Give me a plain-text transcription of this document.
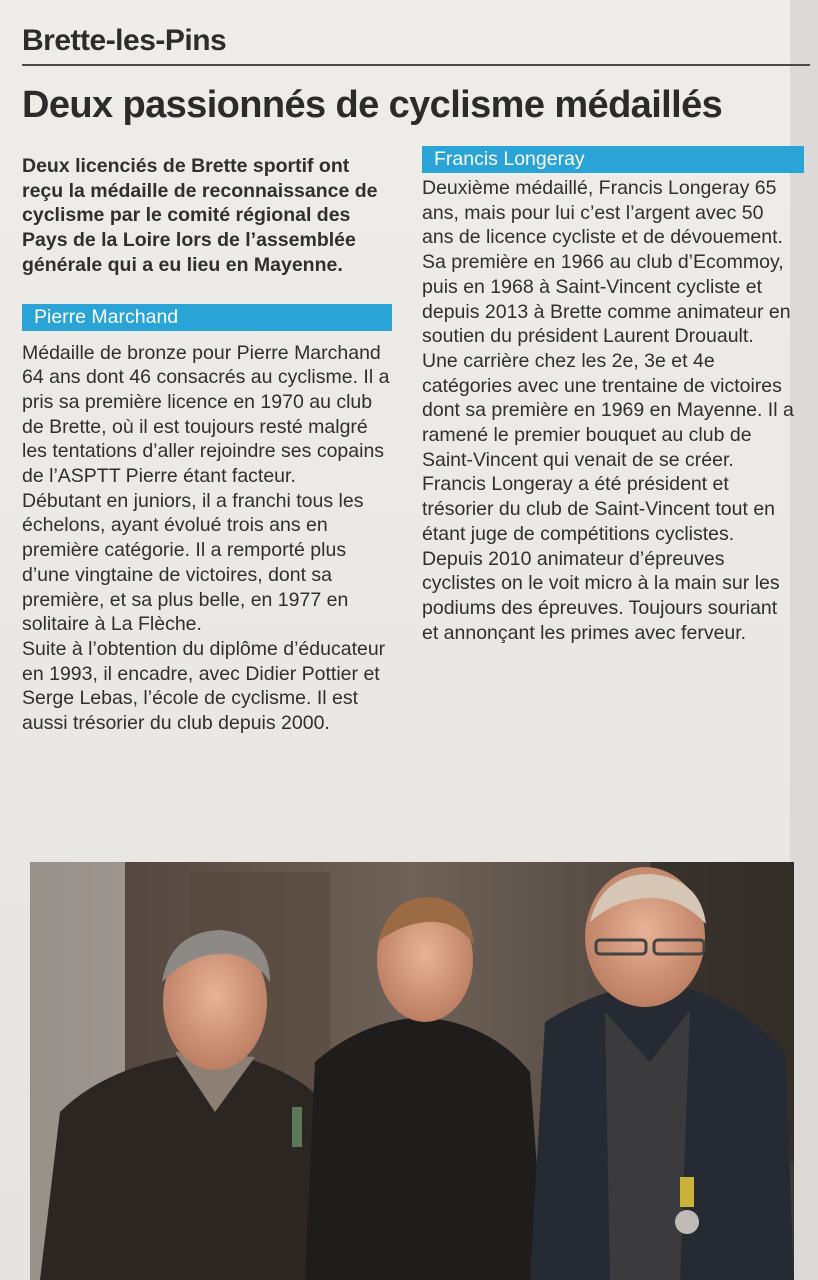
Brette-les-Pins
Deux passionnés de cyclisme médaillés

Deux licenciés de Brette sportif ont reçu la médaille de reconnaissance de cyclisme par le comité régional des Pays de la Loire lors de l’assemblée générale qui a eu lieu en Mayenne.

Pierre Marchand

Médaille de bronze pour Pierre Marchand 64 ans dont 46 consacrés au cyclisme. Il a pris sa première licence en 1970 au club de Brette, où il est toujours resté malgré les tentations d’aller rejoindre ses copains de l’ASPTT Pierre étant facteur.

Débutant en juniors, il a franchi tous les échelons, ayant évolué trois ans en première catégorie. Il a remporté plus d’une vingtaine de victoires, dont sa première, et sa plus belle, en 1977 en solitaire à La Flèche.

Suite à l’obtention du diplôme d’éducateur en 1993, il encadre, avec Didier Pottier et Serge Lebas, l’école de cyclisme. Il est aussi trésorier du club depuis 2000.

Francis Longeray

Deuxième médaillé, Francis Longeray 65 ans, mais pour lui c’est l’argent avec 50 ans de licence cycliste et de dévouement. Sa première en 1966 au club d’Ecommoy, puis en 1968 à Saint-Vincent cycliste et depuis 2013 à Brette comme animateur en soutien du président Laurent Drouault.

Une carrière chez les 2e, 3e et 4e catégories avec une trentaine de victoires dont sa première en 1969 en Mayenne. Il a ramené le premier bouquet au club de Saint-Vincent qui venait de se créer.

Francis Longeray a été président et trésorier du club de Saint-Vincent tout en étant juge de compétitions cyclistes. Depuis 2010 animateur d’épreuves cyclistes on le voit micro à la main sur les podiums des épreuves. Toujours souriant et annonçant les primes avec ferveur.
